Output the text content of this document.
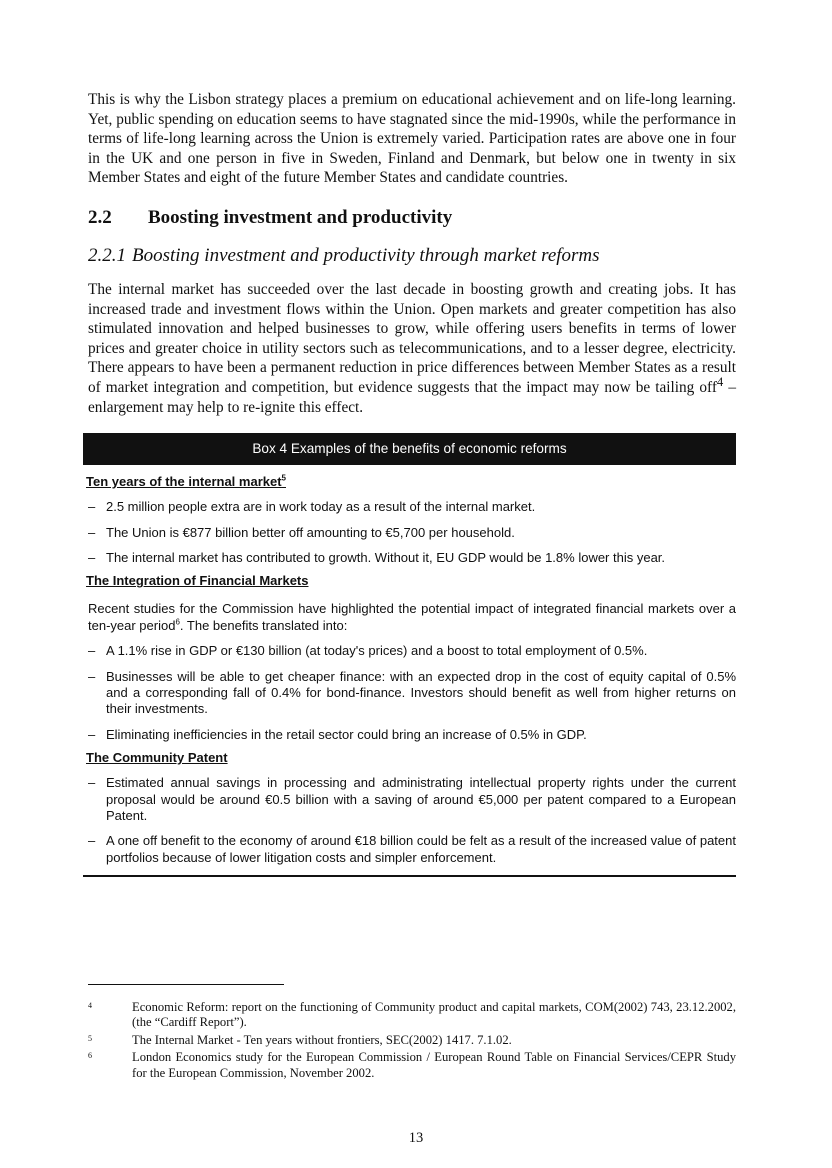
This is why the Lisbon strategy places a premium on educational achievement and on life-long learning. Yet, public spending on education seems to have stagnated since the mid-1990s, while the performance in terms of life-long learning across the Union is extremely varied. Participation rates are above one in four in the UK and one person in five in Sweden, Finland and Denmark, but below one in twenty in six Member States and eight of the future Member States and candidate countries.

2.2 Boosting investment and productivity
2.2.1 Boosting investment and productivity through market reforms

The internal market has succeeded over the last decade in boosting growth and creating jobs. It has increased trade and investment flows within the Union. Open markets and greater competition has also stimulated innovation and helped businesses to grow, while offering users benefits in terms of lower prices and greater choice in utility sectors such as telecommunications, and to a lesser degree, electricity. There appears to have been a permanent reduction in price differences between Member States as a result of market integration and competition, but evidence suggests that the impact may now be tailing off$^4$ – enlargement may help to re-ignite this effect.

Box 4 Examples of the benefits of economic reforms
Ten years of the internal market$^5$
– 2.5 million people extra are in work today as a result of the internal market.
– The Union is €877 billion better off amounting to €5,700 per household.
– The internal market has contributed to growth. Without it, EU GDP would be 1.8% lower this year.
The Integration of Financial Markets
Recent studies for the Commission have highlighted the potential impact of integrated financial markets over a ten-year period$^6$. The benefits translated into:
– A 1.1% rise in GDP or €130 billion (at today's prices) and a boost to total employment of 0.5%.
– Businesses will be able to get cheaper finance: with an expected drop in the cost of equity capital of 0.5% and a corresponding fall of 0.4% for bond-finance. Investors should benefit as well from higher returns on their investments.
– Eliminating inefficiencies in the retail sector could bring an increase of 0.5% in GDP.
The Community Patent
– Estimated annual savings in processing and administrating intellectual property rights under the current proposal would be around €0.5 billion with a saving of around €5,000 per patent compared to a European Patent.
– A one off benefit to the economy of around €18 billion could be felt as a result of the increased value of patent portfolios because of lower litigation costs and simpler enforcement.
4	Economic Reform: report on the functioning of Community product and capital markets, COM(2002) 743, 23.12.2002, (the “Cardiff Report”).
5	The Internal Market - Ten years without frontiers, SEC(2002) 1417. 7.1.02.
6	London Economics study for the European Commission / European Round Table on Financial Services/CEPR Study for the European Commission, November 2002.
13
